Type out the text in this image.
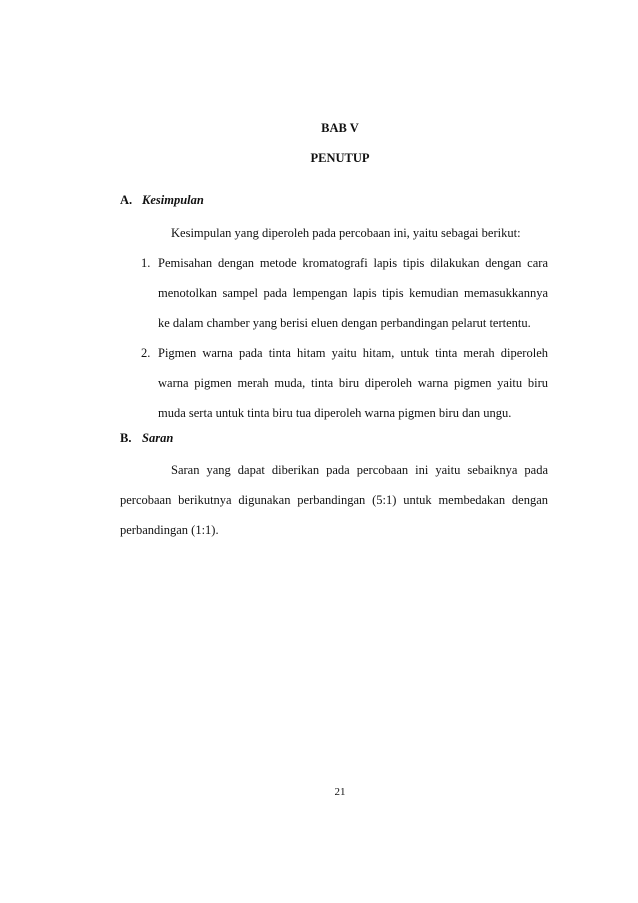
BAB V

PENUTUP

A. Kesimpulan

Kesimpulan yang diperoleh pada percobaan ini, yaitu sebagai berikut:

1. Pemisahan dengan metode kromatografi lapis tipis dilakukan dengan cara

menotolkan sampel pada lempengan lapis tipis kemudian memasukkannya

ke dalam chamber yang berisi eluen dengan perbandingan pelarut tertentu.

2. Pigmen warna pada tinta hitam yaitu hitam, untuk tinta merah diperoleh

warna pigmen merah muda, tinta biru diperoleh warna pigmen yaitu biru

muda serta untuk tinta biru tua diperoleh warna pigmen biru dan ungu.

B. Saran

Saran yang dapat diberikan pada percobaan ini yaitu sebaiknya pada

percobaan berikutnya digunakan perbandingan (5:1) untuk membedakan dengan

perbandingan (1:1).

21
